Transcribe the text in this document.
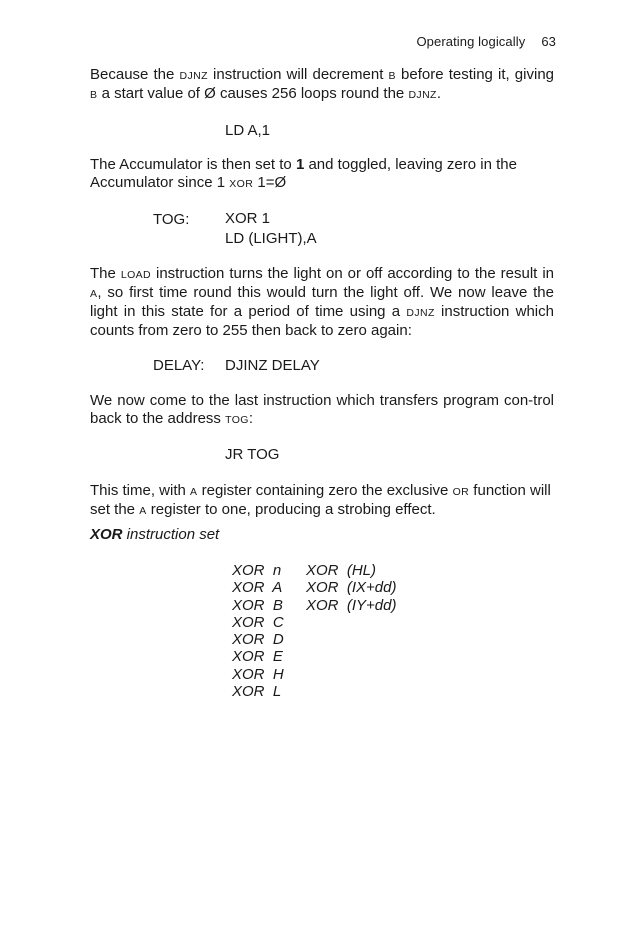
Operating logically 63

Because the DJNZ instruction will decrement B before testing it, giving B a start value of Ø causes 256 loops round the DJNZ.

LD A,1

The Accumulator is then set to 1 and toggled, leaving zero in the Accumulator since 1 XOR 1=Ø

TOG:	XOR 1
LD (LIGHT),A

The LOAD instruction turns the light on or off according to the result in A, so first time round this would turn the light off. We now leave the light in this state for a period of time using a DJNZ instruction which counts from zero to 255 then back to zero again:

DELAY:	DJINZ DELAY

We now come to the last instruction which transfers program con-trol back to the address TOG:

JR TOG

This time, with A register containing zero the exclusive OR function will set the A register to one, producing a strobing effect.

XOR instruction set
XOR  n
XOR  A
XOR  B
XOR  C
XOR  D
XOR  E
XOR  H
XOR  L
XOR  (HL)
XOR  (IX+dd)
XOR  (IY+dd)
